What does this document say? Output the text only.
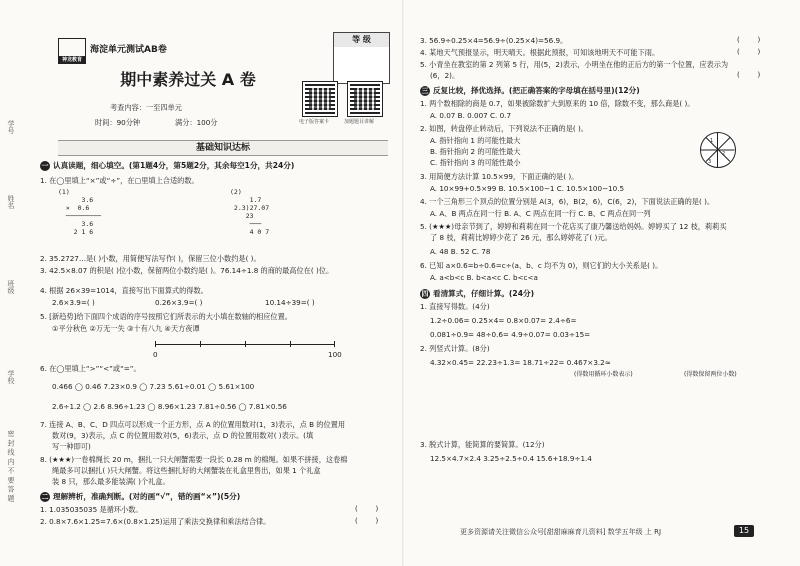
学号
姓名
班级
学校
密 封 线 内 不 要 答 题
神龙教育
海淀单元测试AB卷
等 级
期中素养过关 A 卷
考查内容：一至四单元
时间：90分钟	满分：100分	电子版答案卡	加题题目讲解
基础知识达标
一 认真读题，细心填空。(第1题4分，第5题2分，其余每空1分，共24分)
1. 在◯里填上“×”或“÷”，在▢里填上合适的数。
(1)
3.6
×  0.6
─────────
3.6
2 1 6
(2)
1.7
2.3)27.07
23
───
4 0 7
2. 35.2727…是( )小数，用简便写法写作( )，保留三位小数约是( )。
3. 42.5×8.07 的积是( )位小数，保留两位小数约是( )。76.14÷1.8 的商的最高位在( )位。
4. 根据 26×39=1014，直接写出下面算式的得数。
2.6×3.9=( )	0.26×3.9=( )	10.14÷39=( )
5. [新趋势]给下面四个成语的序号按照它们所表示的大小填在数轴的相应位置。
①平分秋色 ②万无一失 ③十有八九 ④天方夜谭
0	100
6. 在◯里填上“>”“<”或“=”。
0.466 ◯ 0.46̇ 7.23×0.9 ◯ 7.23 5.61÷0.01 ◯ 5.61×100
2.6÷1.2 ◯ 2.6 8.96÷1.23 ◯ 8.96×1.23 7.81÷0.56 ◯ 7.81×0.56
7. 连接 A、B、C、D 四点可以形成一个正方形，点 A 的位置用数对(1，3)表示，点 B 的位置用
数对(9，3)表示，点 C 的位置用数对(5，6)表示，点 D 的位置用数对( )表示。(填
写一种即可)
8. (★★★)一卷棉绳长 20 m，捆扎一只大闸蟹需要一段长 0.28 m 的棉绳。如果不拼接，这卷棉
绳最多可以捆扎( )只大闸蟹。将这些捆扎好的大闸蟹装在礼盒里售出，如果 1 个礼盒
装 8 只，那么最多能装满( )个礼盒。
二 理解辨析，准确判断。(对的画“√”，错的画“×”)(5分)
1. 1.035035035 是循环小数。	(        )
2. 0.8×7.6×1.25=7.6×(0.8×1.25)运用了乘法交换律和乘法结合律。	(        )
3. 56.9÷0.25×4=56.9÷(0.25×4)=56.9。	(        )
4. 某地天气预报显示，明天晴天。根据此预报，可知该地明天不可能下雨。	(        )
5. 小青坐在教室的第 2 列第 5 行，用(5，2)表示，小明坐在他的正后方的第一个位置，应表示为
(6，2)。	(        )
三 反复比较，择优选择。(把正确答案的字母填在括号里)(12分)
1. 两个数相除的商是 0.7，如果被除数扩大到原来的 10 倍，除数不变，那么商是( )。
A. 0.07 B. 0.007 C. 0.7
2. 如图，转盘停止转动后，下列说法不正确的是( )。
A. 指针指向 1 的可能性最大
B. 指针指向 2 的可能性最大
C. 指针指向 3 的可能性最小
1
2
3
3. 用简便方法计算 10.5×99，下面正确的是( )。
A. 10×99+0.5×99 B. 10.5×100−1 C. 10.5×100−10.5
4. 一个三角形三个顶点的位置分别是 A(3，6)，B(2，6)，C(6，2)，下面说法正确的是( )。
A. A、B 两点在同一行 B. A、C 两点在同一行 C. B、C 两点在同一列
5. (★★★)母亲节到了，婷婷和莉莉在同一个花店买了康乃馨送给妈妈。婷婷买了 12 枝，莉莉买
了 8 枝，莉莉比婷婷少花了 26 元，那么婷婷花了( )元。
A. 48 B. 52 C. 78
6. 已知 a×0.6=b÷0.6=c÷(a、b、c 均不为 0)，则它们的大小关系是( )。
A. a<b<c B. b<a<c C. b<c<a
四 看清算式，仔细计算。(24分)
1. 直接写得数。(4分)
1.2÷0.06= 0.25×4= 0.8×0.07= 2.4÷6=
0.081÷0.9= 48÷0.6= 4.9÷0.07= 0.03÷15=
2. 列竖式计算。(8分)
4.32×0.45= 22.23÷1.3= 18.71÷22= 0.467×3.2≈
(得数用循环小数表示)	(得数保留两位小数)
3. 脱式计算，能简算的要简算。(12分)
12.5×4.7×2.4 3.25÷2.5÷0.4 15.6+18.9÷1.4
更多资源请关注微信公众号[甜甜麻麻育儿资料] 数学五年级 上 RJ	15
